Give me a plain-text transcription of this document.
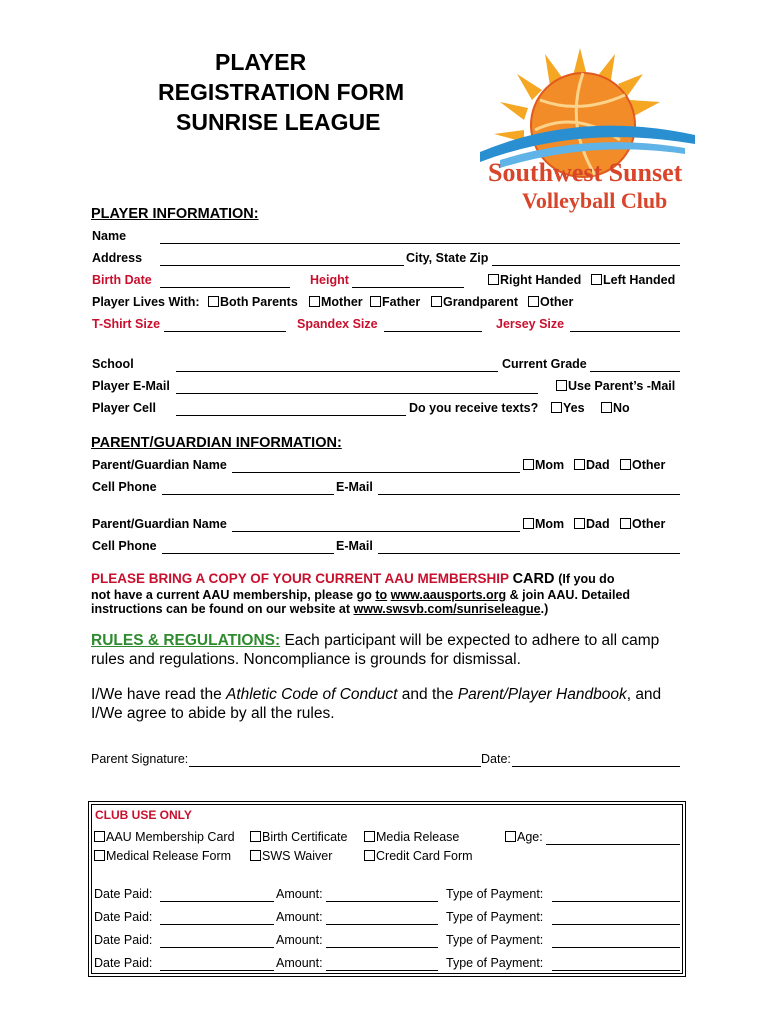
PLAYER
REGISTRATION FORM
SUNRISE LEAGUE
Southwest Sunset
Volleyball Club
PLAYER INFORMATION:
Name
Address	City, State Zip
Birth Date	Height	Right Handed	Left Handed
Player Lives With:	Both Parents	Mother	Father	Grandparent	Other
T-Shirt Size	Spandex Size	Jersey Size
School	Current Grade
Player E-Mail	Use Parent’s -Mail
Player Cell	Do you receive texts?	Yes	No
PARENT/GUARDIAN INFORMATION:
Parent/Guardian Name	Mom	Dad	Other
Cell Phone	E-Mail
Parent/Guardian Name	Mom	Dad	Other
Cell Phone	E-Mail
PLEASE BRING A COPY OF YOUR CURRENT AAU MEMBERSHIP CARD (If you do
not have a current AAU membership, please go to www.aausports.org & join AAU. Detailed
instructions can be found on our website at www.swsvb.com/sunriseleague.)
RULES & REGULATIONS: Each participant will be expected to adhere to all camp
rules and regulations. Noncompliance is grounds for dismissal.
I/We have read the Athletic Code of Conduct and the Parent/Player Handbook, and
I/We agree to abide by all the rules.
Parent Signature:	Date:
CLUB USE ONLY
AAU Membership Card	Birth Certificate	Media Release	Age:
Medical Release Form	SWS Waiver	Credit Card Form
Date Paid:	Amount:	Type of Payment:
Date Paid:	Amount:	Type of Payment:
Date Paid:	Amount:	Type of Payment:
Date Paid:	Amount:	Type of Payment:
